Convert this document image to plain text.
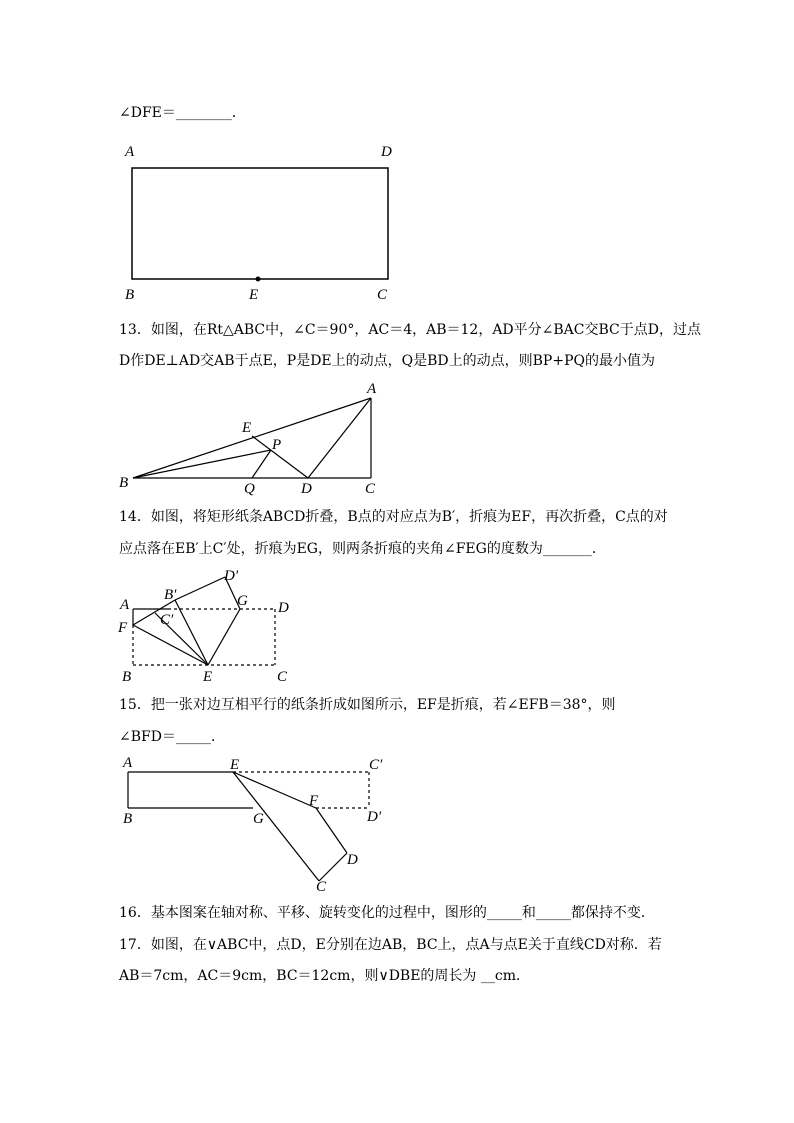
∠DFE＝________．
A	D
B	E	C
13．如图，在Rt△ABC中，∠C＝90°，AC＝4，AB＝12，AD平分∠BAC交BC于点D，过点
D作DE⊥AD交AB于点E，P是DE上的动点，Q是BD上的动点，则BP+PQ的最小值为
A
E
P
B	Q	D	C
14．如图，将矩形纸条ABCD折叠，B点的对应点为B′，折痕为EF，再次折叠，C点的对
应点落在EB′上C′处，折痕为EG，则两条折痕的夹角∠FEG的度数为_______．
A
F
B	E	C
D
B′
C′
D′
G
15．把一张对边互相平行的纸条折成如图所示，EF是折痕，若∠EFB＝38°，则
∠BFD＝_____．
A
B
E
G
F
C′
D′
D
C
16．基本图案在轴对称、平移、旋转变化的过程中，图形的_____和_____都保持不变．
17．如图，在∨ABC中，点D，E分别在边AB，BC上，点A与点E关于直线CD对称．若
AB＝7cm，AC＝9cm，BC＝12cm，则∨DBE的周长为 __cm．
